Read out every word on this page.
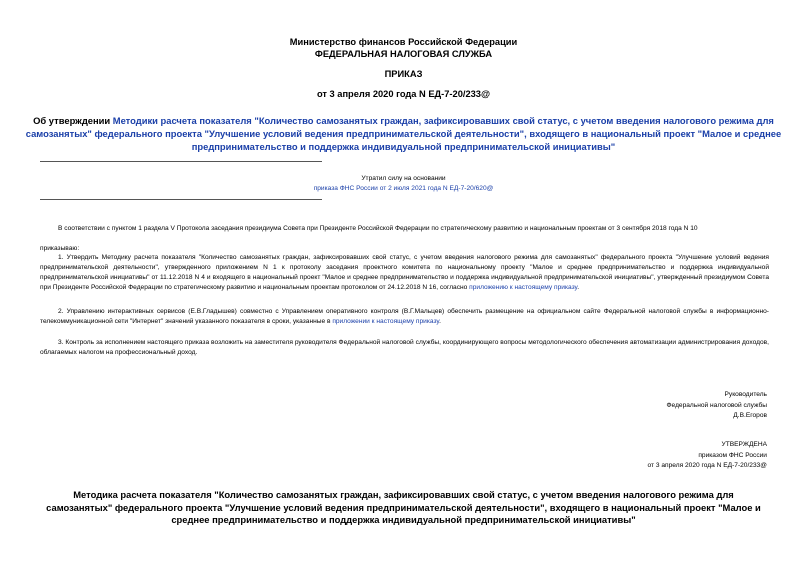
Министерство финансов Российской Федерации
ФЕДЕРАЛЬНАЯ НАЛОГОВАЯ СЛУЖБА
ПРИКАЗ
от 3 апреля 2020 года N ЕД-7-20/233@
Об утверждении Методики расчета показателя "Количество самозанятых граждан, зафиксировавших свой статус, с учетом введения налогового режима для самозанятых" федерального проекта "Улучшение условий ведения предпринимательской деятельности", входящего в национальный проект "Малое и среднее предпринимательство и поддержка индивидуальной предпринимательской инициативы"
Утратил силу на основании
приказа ФНС России от 2 июля 2021 года N ЕД-7-20/620@
В соответствии с пунктом 1 раздела V Протокола заседания президиума Совета при Президенте Российской Федерации по стратегическому развитию и национальным проектам от 3 сентября 2018 года N 10
приказываю:
1. Утвердить Методику расчета показателя "Количество самозанятых граждан, зафиксировавших свой статус, с учетом введения налогового режима для самозанятых" федерального проекта "Улучшение условий ведения предпринимательской деятельности", утвержденного приложением N 1 к протоколу заседания проектного комитета по национальному проекту "Малое и среднее предпринимательство и поддержка индивидуальной предпринимательской инициативы" от 11.12.2018 N 4 и входящего в национальный проект "Малое и среднее предпринимательство и поддержка индивидуальной предпринимательской инициативы", утвержденный президиумом Совета при Президенте Российской Федерации по стратегическому развитию и национальным проектам протоколом от 24.12.2018 N 16, согласно приложению к настоящему приказу.
2. Управлению интерактивных сервисов (Е.В.Гладышев) совместно с Управлением оперативного контроля (В.Г.Мальцев) обеспечить размещение на официальном сайте Федеральной налоговой службы в информационно-телекоммуникационной сети "Интернет" значений указанного показателя в сроки, указанные в приложении к настоящему приказу.
3. Контроль за исполнением настоящего приказа возложить на заместителя руководителя Федеральной налоговой службы, координирующего вопросы методологического обеспечения автоматизации администрирования доходов, облагаемых налогом на профессиональный доход.
Руководитель
Федеральной налоговой службы
Д.В.Егоров
УТВЕРЖДЕНА
приказом ФНС России
от 3 апреля 2020 года N ЕД-7-20/233@
Методика расчета показателя "Количество самозанятых граждан, зафиксировавших свой статус, с учетом введения налогового режима для самозанятых" федерального проекта "Улучшение условий ведения предпринимательской деятельности", входящего в национальный проект "Малое и среднее предпринимательство и поддержка индивидуальной предпринимательской инициативы"
